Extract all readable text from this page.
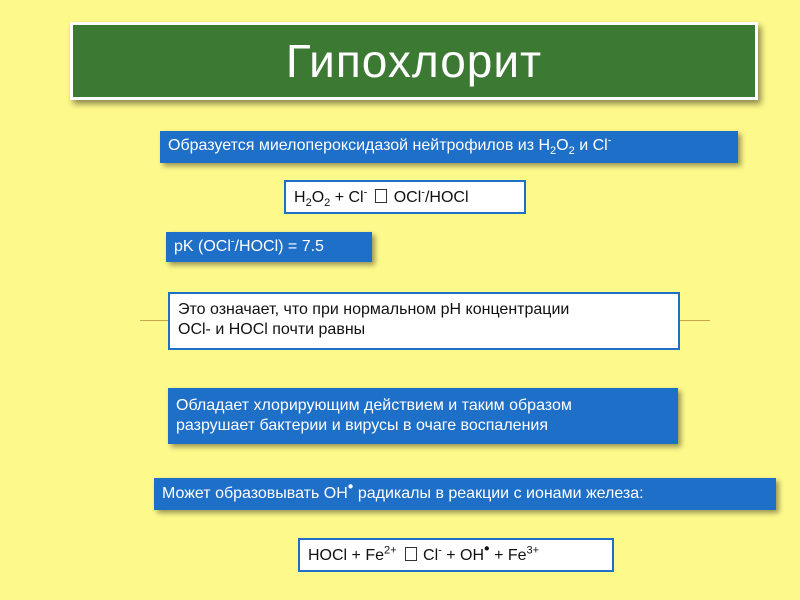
Гипохлорит
Образуется миелопероксидазой нейтрофилов из $H_2O_2$ и Cl-
$H_2O_2 + Cl^-$ OCl-/HOCl
pK (OCl-/HOCl) = 7.5
Это означает, что при нормальном pH концентрации
OCl- и HOCl почти равны
Обладает хлорирующим действием и таким образом
разрушает бактерии и вирусы в очаге воспаления
Может образовывать OH• радикалы в реакции с ионами железа:
HOCl + $Fe^{2+}$ $Cl^- + OH^• + Fe^{3+}$
